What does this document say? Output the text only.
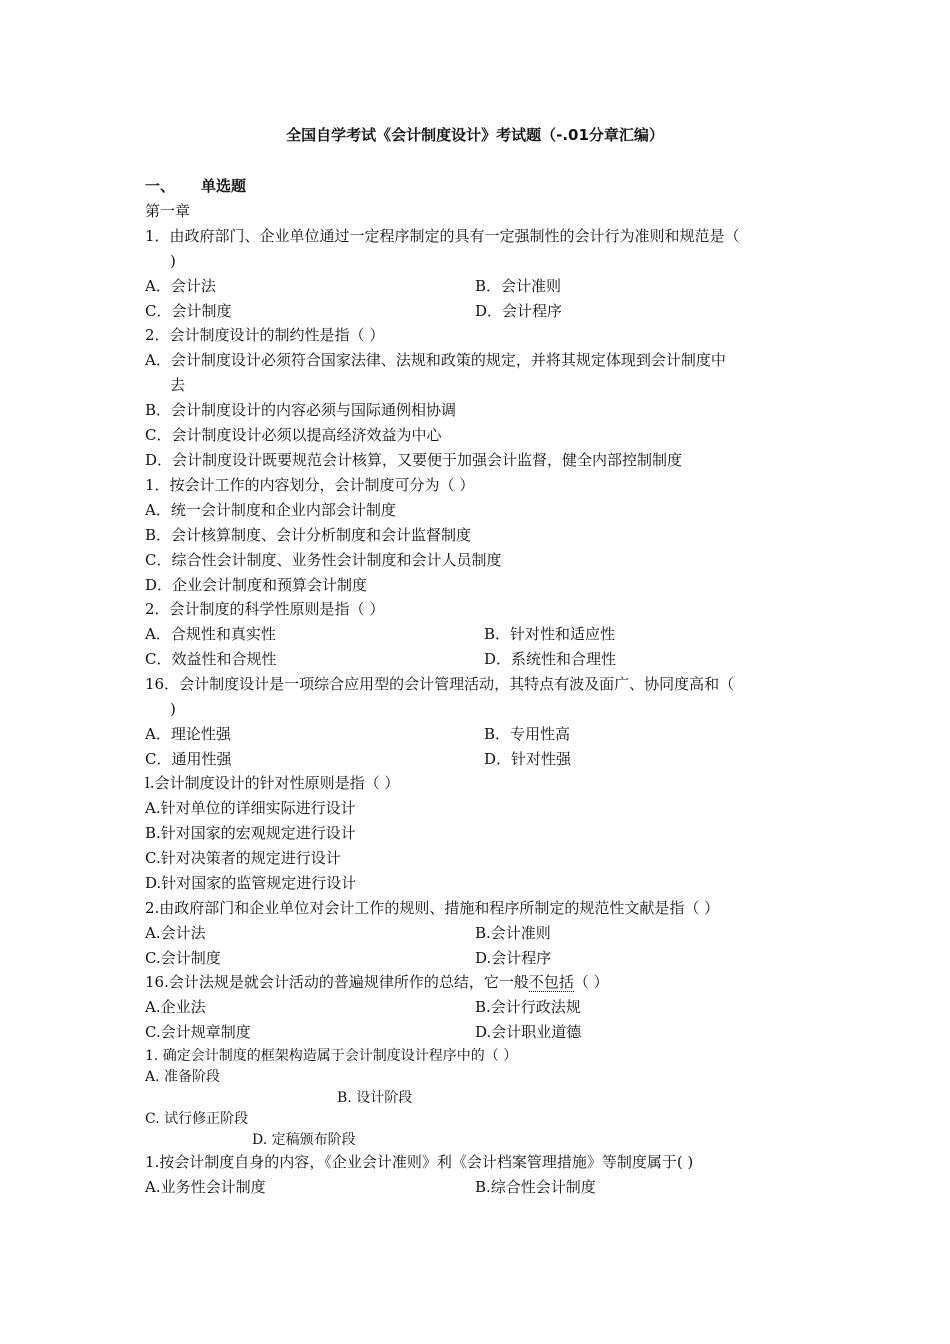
全国自学考试《会计制度设计》考试题（-.01分章汇编）
一、 单选题
第一章
1．由政府部门、企业单位通过一定程序制定的具有一定强制性的会计行为准则和规范是（
)
A．会计法	B．会计准则
C．会计制度	D．会计程序
2．会计制度设计的制约性是指（ ）
A．会计制度设计必须符合国家法律、法规和政策的规定，并将其规定体现到会计制度中
去
B．会计制度设计的内容必须与国际通例相协调
C．会计制度设计必须以提高经济效益为中心
D．会计制度设计既要规范会计核算，又要便于加强会计监督，健全内部控制制度
1．按会计工作的内容划分，会计制度可分为（ ）
A．统一会计制度和企业内部会计制度
B．会计核算制度、会计分析制度和会计监督制度
C．综合性会计制度、业务性会计制度和会计人员制度
D．企业会计制度和预算会计制度
2．会计制度的科学性原则是指（ ）
A．合规性和真实性	B．针对性和适应性
C．效益性和合规性	D．系统性和合理性
16．会计制度设计是一项综合应用型的会计管理活动，其特点有波及面广、协同度高和（
)
A．理论性强	B．专用性高
C．通用性强	D．针对性强
l.会计制度设计的针对性原则是指（ ）
A.针对单位的详细实际进行设计
B.针对国家的宏观规定进行设计
C.针对决策者的规定进行设计
D.针对国家的监管规定进行设计
2.由政府部门和企业单位对会计工作的规则、措施和程序所制定的规范性文献是指（ ）
A.会计法	B.会计准则
C.会计制度	D.会计程序
16.会计法规是就会计活动的普遍规律所作的总结，它一般不包括（ ）
A.企业法	B.会计行政法规
C.会计规章制度	D.会计职业道德
1. 确定会计制度的框架构造属于会计制度设计程序中的（ ）
A. 准备阶段
B. 设计阶段
C. 试行修正阶段
D. 定稿颁布阶段
1.按会计制度自身的内容，《企业会计准则》利《会计档案管理措施》等制度属于( )
A.业务性会计制度	B.综合性会计制度
